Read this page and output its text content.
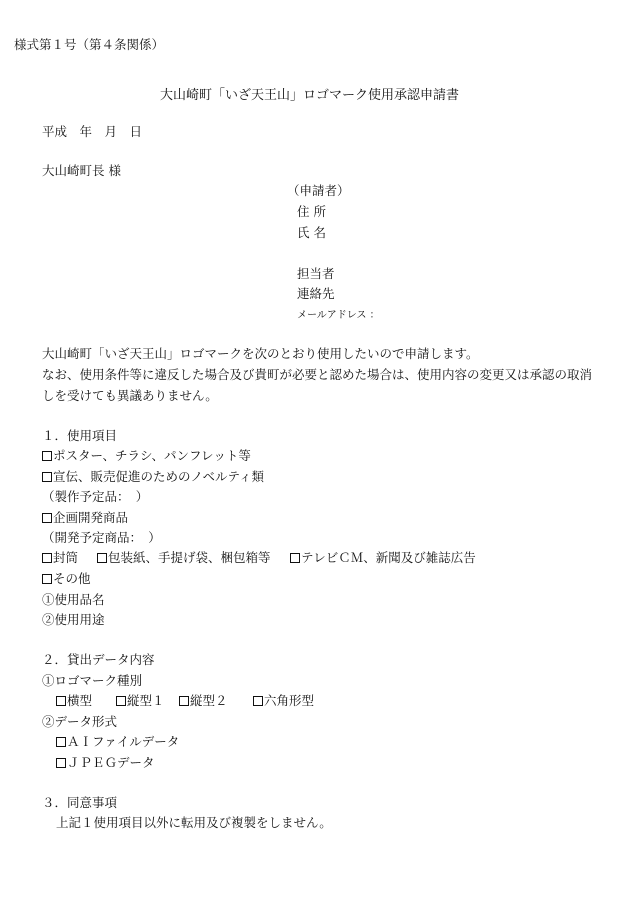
様式第１号（第４条関係）
大山崎町「いざ天王山」ロゴマーク使用承認申請書
平成　年　月　日
大山崎町長 様
（申請者）
住 所
氏 名
担当者
連絡先
メールアドレス ：
大山崎町「いざ天王山」ロゴマークを次のとおり使用したいので申請します。
なお、使用条件等に違反した場合及び貴町が必要と認めた場合は、使用内容の変更又は承認の取消
しを受けても異議ありません。
１．使用項目
ポスター、チラシ、パンフレット等
宣伝、販売促進のためのノベルティ類
（製作予定品：　）
企画開発商品
（開発予定商品：　）
封筒	包装紙、手提げ袋、梱包箱等	テレビＣＭ、新聞及び雑誌広告
その他
①使用品名
②使用用途
２．貸出データ内容
①ロゴマーク種別
横型	縦型１	縦型２	六角形型
②データ形式
ＡＩファイルデータ
ＪＰＥＧデータ
３．同意事項
上記１使用項目以外に転用及び複製をしません。
